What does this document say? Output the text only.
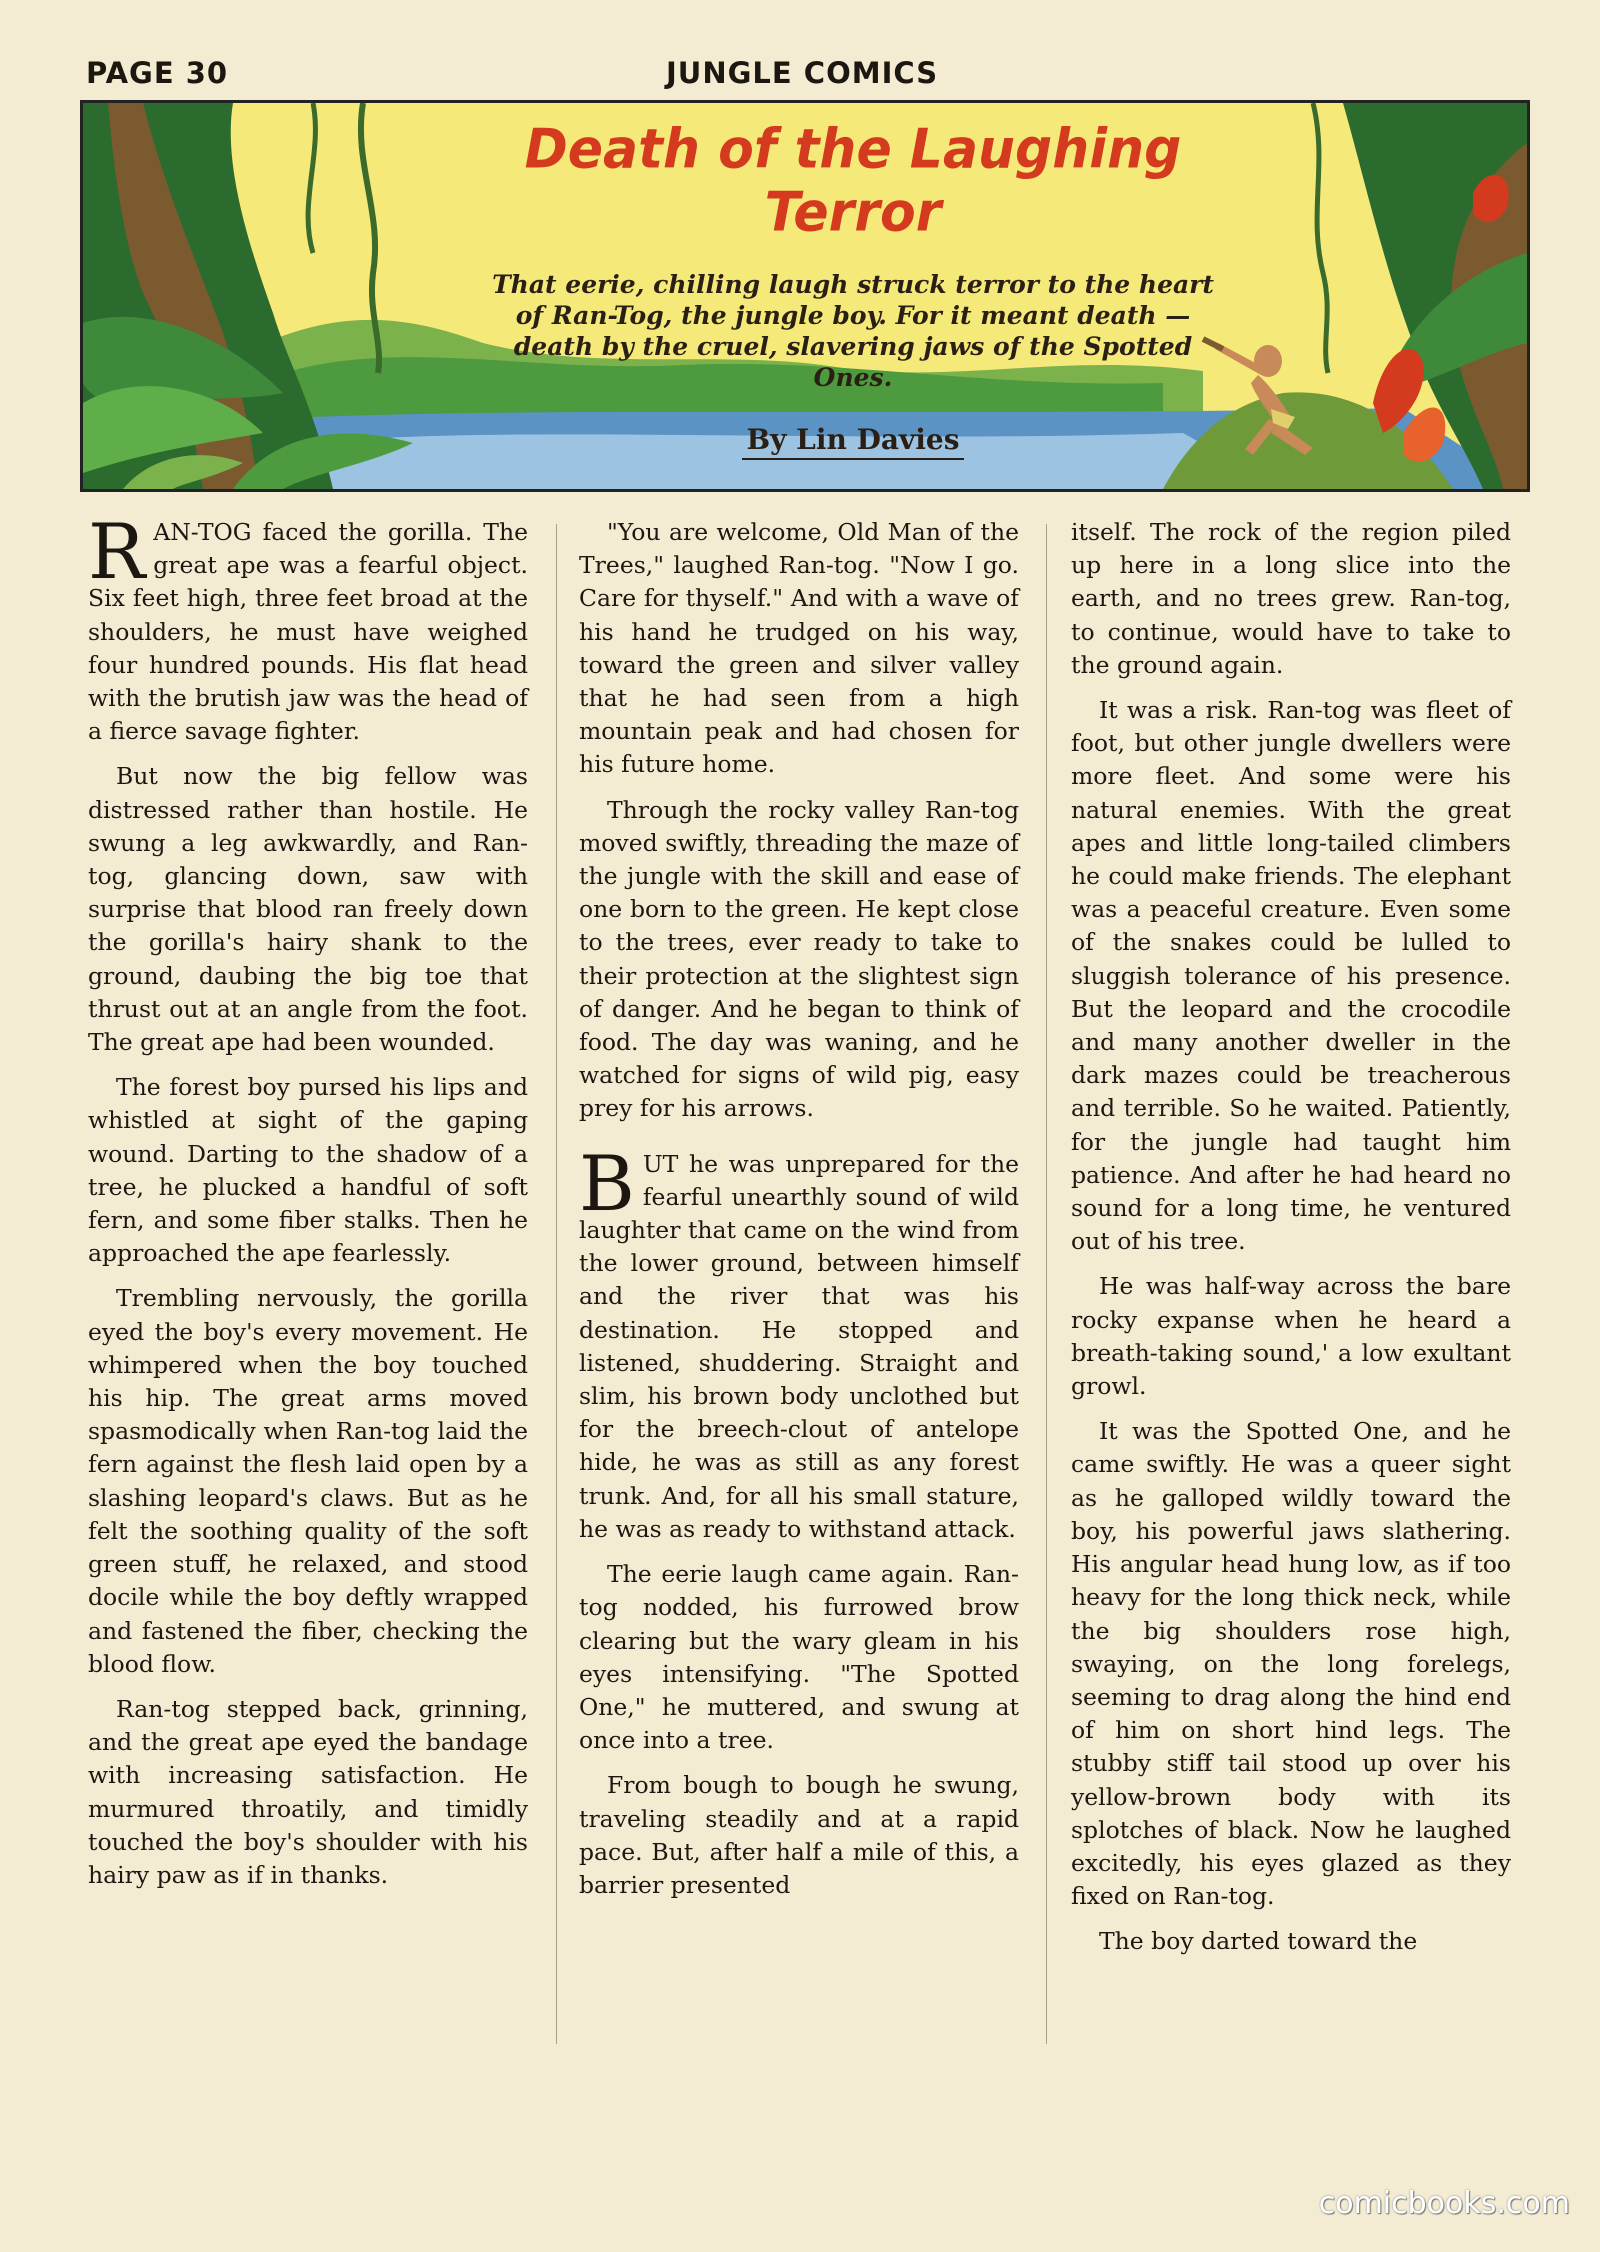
PAGE 30	JUNGLE COMICS
Death of the Laughing Terror
That eerie, chilling laugh struck terror to the heart of Ran-Tog, the jungle boy. For it meant death — death by the cruel, slavering jaws of the Spotted Ones.
By Lin Davies

RAN-TOG faced the gorilla. The great ape was a fearful object. Six feet high, three feet broad at the shoulders, he must have weighed four hundred pounds. His flat head with the brutish jaw was the head of a fierce savage fighter.

But now the big fellow was distressed rather than hostile. He swung a leg awkwardly, and Ran-tog, glancing down, saw with surprise that blood ran freely down the gorilla's hairy shank to the ground, daubing the big toe that thrust out at an angle from the foot. The great ape had been wounded.

The forest boy pursed his lips and whistled at sight of the gaping wound. Darting to the shadow of a tree, he plucked a handful of soft fern, and some fiber stalks. Then he approached the ape fearlessly.

Trembling nervously, the gorilla eyed the boy's every movement. He whimpered when the boy touched his hip. The great arms moved spasmodically when Ran-tog laid the fern against the flesh laid open by a slashing leopard's claws. But as he felt the soothing quality of the soft green stuff, he relaxed, and stood docile while the boy deftly wrapped and fastened the fiber, checking the blood flow.

Ran-tog stepped back, grinning, and the great ape eyed the bandage with increasing satisfaction. He murmured throatily, and timidly touched the boy's shoulder with his hairy paw as if in thanks.

"You are welcome, Old Man of the Trees," laughed Ran-tog. "Now I go. Care for thyself." And with a wave of his hand he trudged on his way, toward the green and silver valley that he had seen from a high mountain peak and had chosen for his future home.

Through the rocky valley Ran-tog moved swiftly, threading the maze of the jungle with the skill and ease of one born to the green. He kept close to the trees, ever ready to take to their protection at the slightest sign of danger. And he began to think of food. The day was waning, and he watched for signs of wild pig, easy prey for his arrows.

BUT he was unprepared for the fearful unearthly sound of wild laughter that came on the wind from the lower ground, between himself and the river that was his destination. He stopped and listened, shuddering. Straight and slim, his brown body unclothed but for the breech-clout of antelope hide, he was as still as any forest trunk. And, for all his small stature, he was as ready to withstand attack.

The eerie laugh came again. Ran-tog nodded, his furrowed brow clearing but the wary gleam in his eyes intensifying. "The Spotted One," he muttered, and swung at once into a tree.

From bough to bough he swung, traveling steadily and at a rapid pace. But, after half a mile of this, a barrier presented

itself. The rock of the region piled up here in a long slice into the earth, and no trees grew. Ran-tog, to continue, would have to take to the ground again.

It was a risk. Ran-tog was fleet of foot, but other jungle dwellers were more fleet. And some were his natural enemies. With the great apes and little long-tailed climbers he could make friends. The elephant was a peaceful creature. Even some of the snakes could be lulled to sluggish tolerance of his presence. But the leopard and the crocodile and many another dweller in the dark mazes could be treacherous and terrible. So he waited. Patiently, for the jungle had taught him patience. And after he had heard no sound for a long time, he ventured out of his tree.

He was half-way across the bare rocky expanse when he heard a breath-taking sound,' a low exultant growl.

It was the Spotted One, and he came swiftly. He was a queer sight as he galloped wildly toward the boy, his powerful jaws slathering. His angular head hung low, as if too heavy for the long thick neck, while the big shoulders rose high, swaying, on the long forelegs, seeming to drag along the hind end of him on short hind legs. The stubby stiff tail stood up over his yellow-brown body with its splotches of black. Now he laughed excitedly, his eyes glazed as they fixed on Ran-tog.

The boy darted toward the

comicbooks.com
